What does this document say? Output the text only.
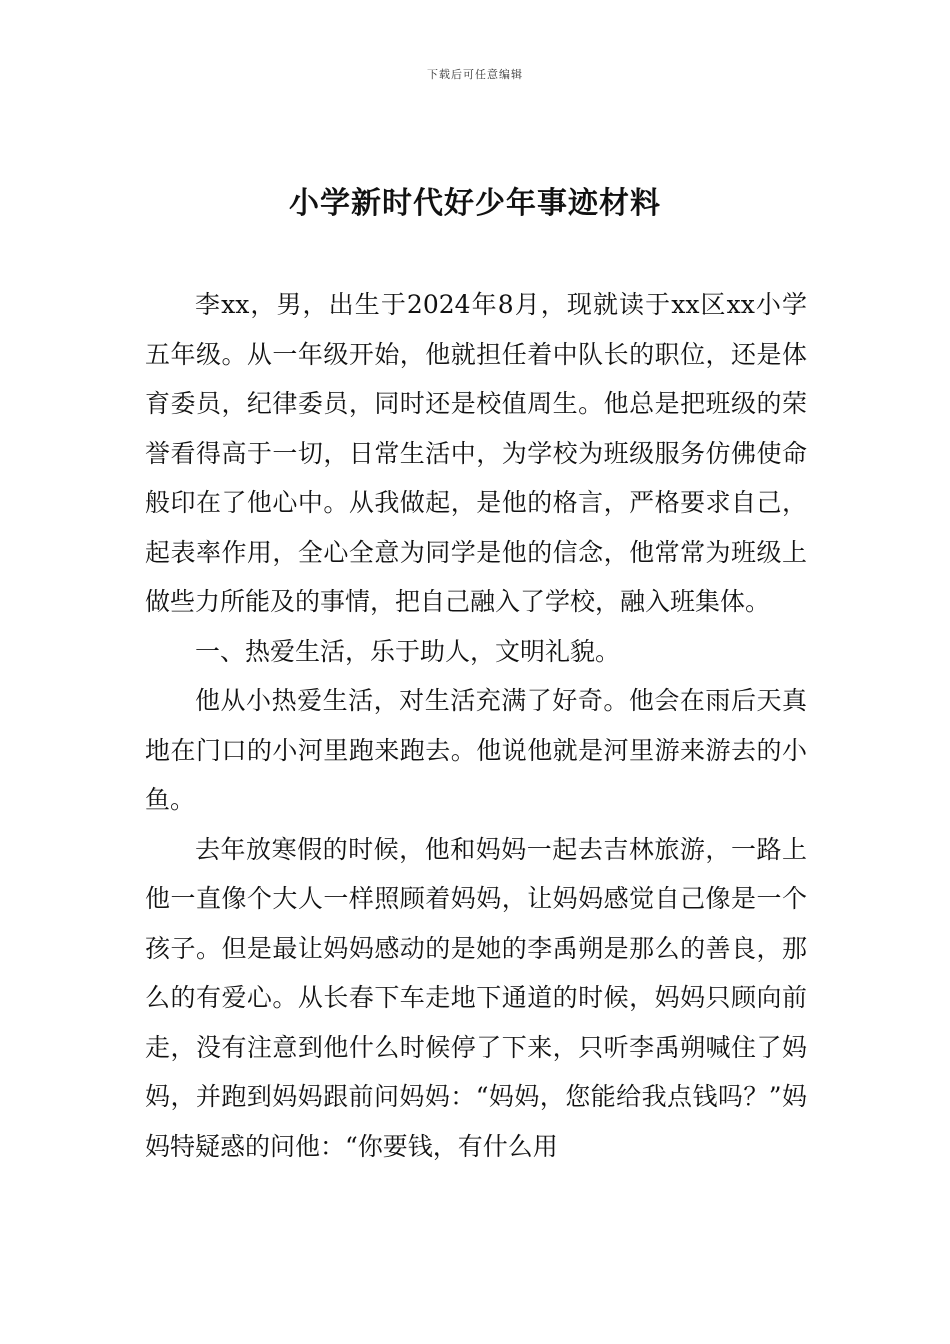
下载后可任意编辑
小学新时代好少年事迹材料

李xx，男，出生于2024年8月，现就读于xx区xx小学五年级。从一年级开始，他就担任着中队长的职位，还是体育委员，纪律委员，同时还是校值周生。他总是把班级的荣誉看得高于一切，日常生活中，为学校为班级服务仿佛使命般印在了他心中。从我做起，是他的格言，严格要求自己，起表率作用，全心全意为同学是他的信念，他常常为班级上做些力所能及的事情，把自己融入了学校，融入班集体。

一、热爱生活，乐于助人，文明礼貌。

他从小热爱生活，对生活充满了好奇。他会在雨后天真地在门口的小河里跑来跑去。他说他就是河里游来游去的小鱼。

去年放寒假的时候，他和妈妈一起去吉林旅游，一路上他一直像个大人一样照顾着妈妈，让妈妈感觉自己像是一个孩子。但是最让妈妈感动的是她的李禹朔是那么的善良，那么的有爱心。从长春下车走地下通道的时候，妈妈只顾向前走，没有注意到他什么时候停了下来，只听李禹朔喊住了妈妈，并跑到妈妈跟前问妈妈：“妈妈，您能给我点钱吗？”妈妈特疑惑的问他：“你要钱，有什么用
